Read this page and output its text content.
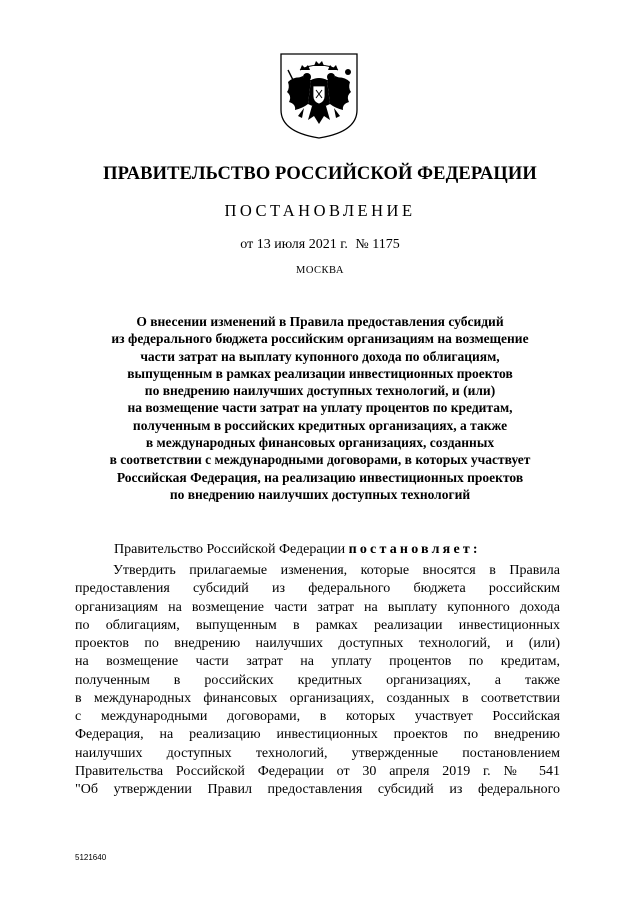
ПРАВИТЕЛЬСТВО РОССИЙСКОЙ ФЕДЕРАЦИИ
ПОСТАНОВЛЕНИЕ
от 13 июля 2021 г. № 1175
МОСКВА
О внесении изменений в Правила предоставления субсидий
из федерального бюджета российским организациям на возмещение
части затрат на выплату купонного дохода по облигациям,
выпущенным в рамках реализации инвестиционных проектов
по внедрению наилучших доступных технологий, и (или)
на возмещение части затрат на уплату процентов по кредитам,
полученным в российских кредитных организациях, а также
в международных финансовых организациях, созданных
в соответствии с международными договорами, в которых участвует
Российская Федерация, на реализацию инвестиционных проектов
по внедрению наилучших доступных технологий
Правительство Российской Федерации постановляет:
Утвердить прилагаемые изменения, которые вносятся в Правила
предоставления субсидий из федерального бюджета российским
организациям на возмещение части затрат на выплату купонного дохода
по облигациям, выпущенным в рамках реализации инвестиционных
проектов по внедрению наилучших доступных технологий, и (или)
на возмещение части затрат на уплату процентов по кредитам,
полученным в российских кредитных организациях, а также
в международных финансовых организациях, созданных в соответствии
с международными договорами, в которых участвует Российская
Федерация, на реализацию инвестиционных проектов по внедрению
наилучших доступных технологий, утвержденные постановлением
Правительства Российской Федерации от 30 апреля 2019 г. № 541
"Об утверждении Правил предоставления субсидий из федерального
5121640
